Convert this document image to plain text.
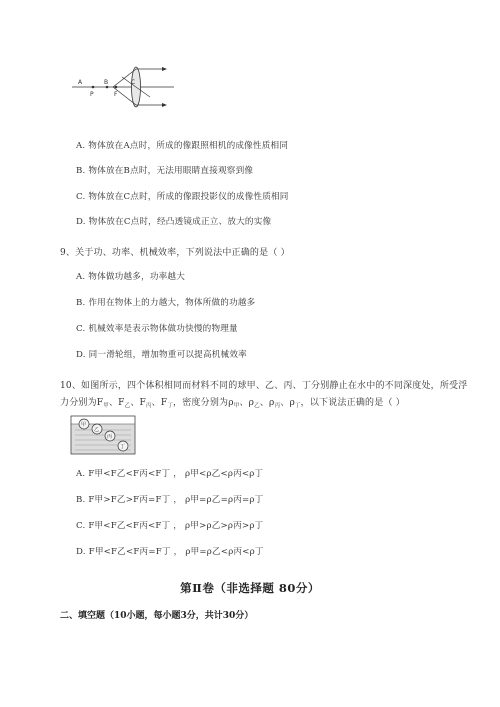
A
P
B
F
C
A. 物体放在A点时，所成的像跟照相机的成像性质相同
B. 物体放在B点时，无法用眼睛直接观察到像
C. 物体放在C点时，所成的像跟投影仪的成像性质相同
D. 物体放在C点时，经凸透镜成正立、放大的实像
9、关于功、功率、机械效率，下列说法中正确的是（ ）
A. 物体做功越多，功率越大
B. 作用在物体上的力越大，物体所做的功越多
C. 机械效率是表示物体做功快慢的物理量
D. 同一滑轮组，增加物重可以提高机械效率
10、如图所示，四个体积相同而材料不同的球甲、乙、丙、丁分别静止在水中的不同深度处，所受浮
力分别为$F_甲$、$F_乙$、$F_丙$、$F_丁$，密度分别为$\rho_甲$、$\rho_乙$、$\rho_丙$、$\rho_丁$，以下说法正确的是（ ）
甲
乙
丙
丁
A. F甲<F乙<F丙<F丁 ， ρ甲<ρ乙<ρ丙<ρ丁
B. F甲>F乙>F丙=F丁 ， ρ甲=ρ乙=ρ丙=ρ丁
C. F甲<F乙<F丙<F丁 ， ρ甲>ρ乙>ρ丙>ρ丁
D. F甲<F乙<F丙=F丁 ， ρ甲=ρ乙<ρ丙<ρ丁
第Ⅱ卷（非选择题 80分）
二、填空题（10小题，每小题3分，共计30分）
